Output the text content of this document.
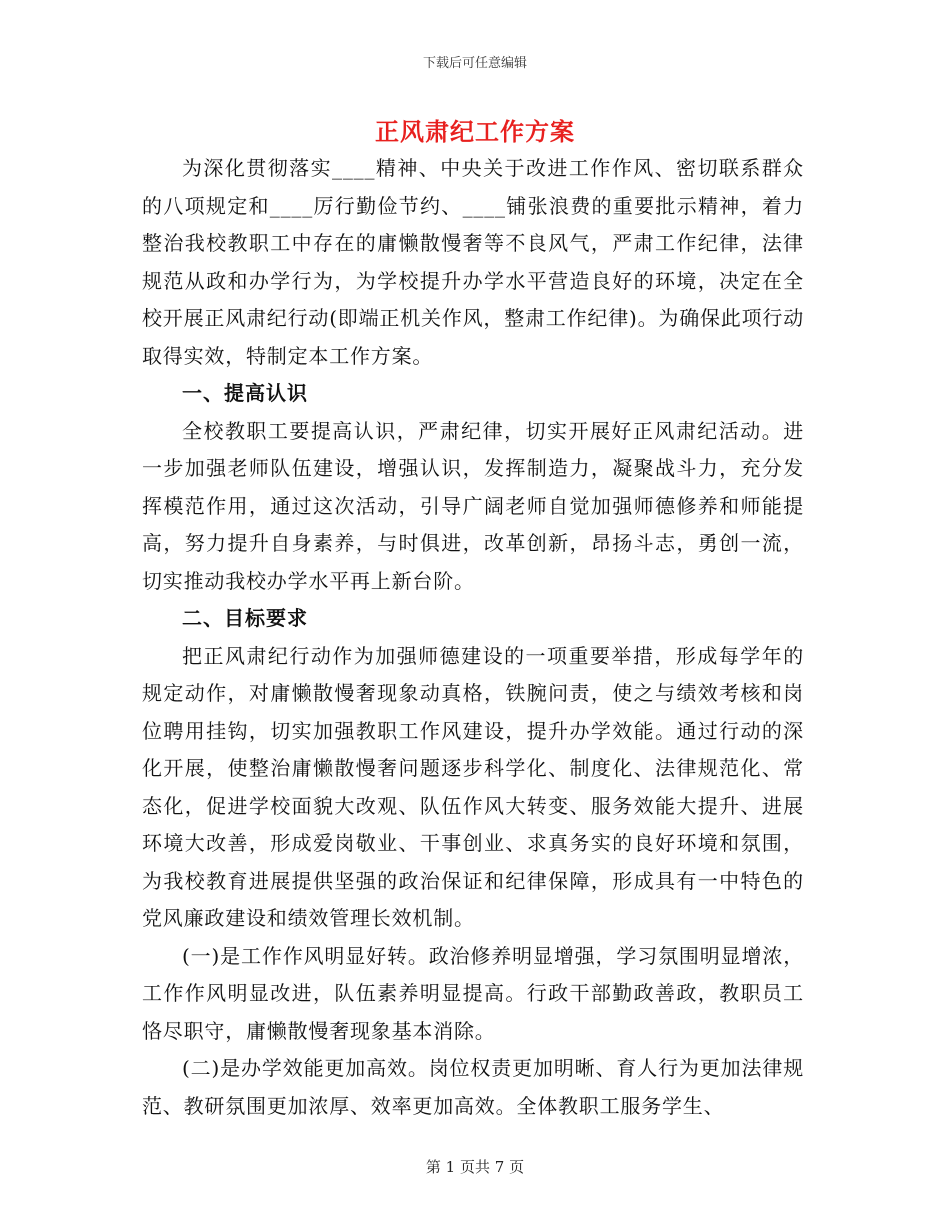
下载后可任意编辑
正风肃纪工作方案

为深化贯彻落实____精神、中央关于改进工作作风、密切联系群众的八项规定和____厉行勤俭节约、____铺张浪费的重要批示精神，着力整治我校教职工中存在的庸懒散慢奢等不良风气，严肃工作纪律，法律规范从政和办学行为，为学校提升办学水平营造良好的环境，决定在全校开展正风肃纪行动(即端正机关作风，整肃工作纪律)。为确保此项行动取得实效，特制定本工作方案。

一、提高认识

全校教职工要提高认识，严肃纪律，切实开展好正风肃纪活动。进一步加强老师队伍建设，增强认识，发挥制造力，凝聚战斗力，充分发挥模范作用，通过这次活动，引导广阔老师自觉加强师德修养和师能提高，努力提升自身素养，与时俱进，改革创新，昂扬斗志，勇创一流，切实推动我校办学水平再上新台阶。

二、目标要求

把正风肃纪行动作为加强师德建设的一项重要举措，形成每学年的规定动作，对庸懒散慢奢现象动真格，铁腕问责，使之与绩效考核和岗位聘用挂钩，切实加强教职工作风建设，提升办学效能。通过行动的深化开展，使整治庸懒散慢奢问题逐步科学化、制度化、法律规范化、常态化，促进学校面貌大改观、队伍作风大转变、服务效能大提升、进展环境大改善，形成爱岗敬业、干事创业、求真务实的良好环境和氛围，为我校教育进展提供坚强的政治保证和纪律保障，形成具有一中特色的党风廉政建设和绩效管理长效机制。

(一)是工作作风明显好转。政治修养明显增强，学习氛围明显增浓，工作作风明显改进，队伍素养明显提高。行政干部勤政善政，教职员工恪尽职守，庸懒散慢奢现象基本消除。

(二)是办学效能更加高效。岗位权责更加明晰、育人行为更加法律规范、教研氛围更加浓厚、效率更加高效。全体教职工服务学生、

第 1 页共 7 页
